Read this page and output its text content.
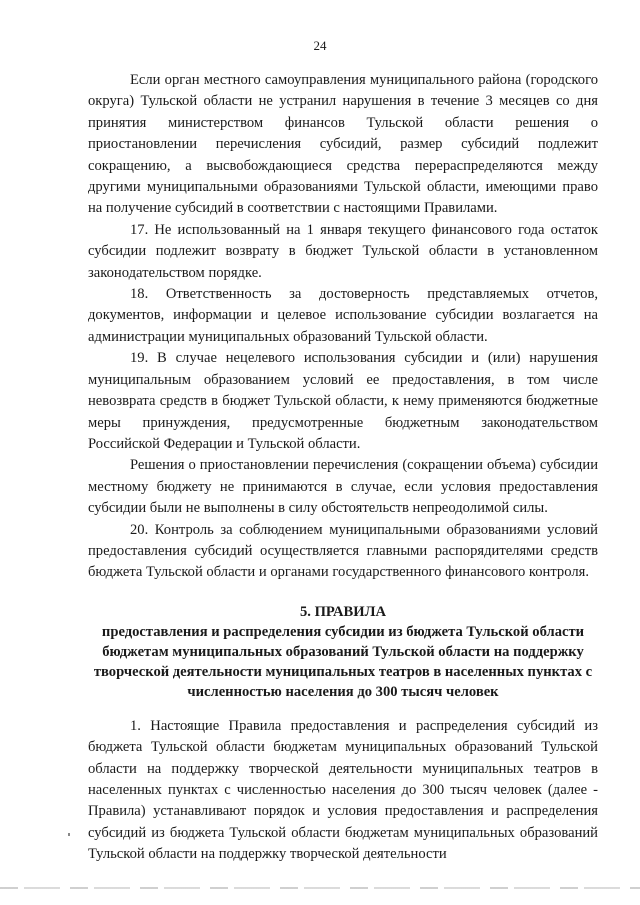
24

Если орган местного самоуправления муниципального района (городского округа) Тульской области не устранил нарушения в течение 3 месяцев со дня принятия министерством финансов Тульской области решения о приостановлении перечисления субсидий, размер субсидий подлежит сокращению, а высвобождающиеся средства перераспределяются между другими муниципальными образованиями Тульской области, имеющими право на получение субсидий в соответствии с настоящими Правилами.

17. Не использованный на 1 января текущего финансового года остаток субсидии подлежит возврату в бюджет Тульской области в установленном законодательством порядке.

18. Ответственность за достоверность представляемых отчетов, документов, информации и целевое использование субсидии возлагается на администрации муниципальных образований Тульской области.

19. В случае нецелевого использования субсидии и (или) нарушения муниципальным образованием условий ее предоставления, в том числе невозврата средств в бюджет Тульской области, к нему применяются бюджетные меры принуждения, предусмотренные бюджетным законодательством Российской Федерации и Тульской области.

Решения о приостановлении перечисления (сокращении объема) субсидии местному бюджету не принимаются в случае, если условия предоставления субсидии были не выполнены в силу обстоятельств непреодолимой силы.

20. Контроль за соблюдением муниципальными образованиями условий предоставления субсидий осуществляется главными распорядителями средств бюджета Тульской области и органами государственного финансового контроля.

5. ПРАВИЛА
предоставления и распределения субсидии из бюджета Тульской области бюджетам муниципальных образований Тульской области на поддержку творческой деятельности муниципальных театров в населенных пунктах с численностью населения до 300 тысяч человек

1. Настоящие Правила предоставления и распределения субсидий из бюджета Тульской области бюджетам муниципальных образований Тульской области на поддержку творческой деятельности муниципальных театров в населенных пунктах с численностью населения до 300 тысяч человек (далее - Правила) устанавливают порядок и условия предоставления и распределения субсидий из бюджета Тульской области бюджетам муниципальных образований Тульской области на поддержку творческой деятельности
